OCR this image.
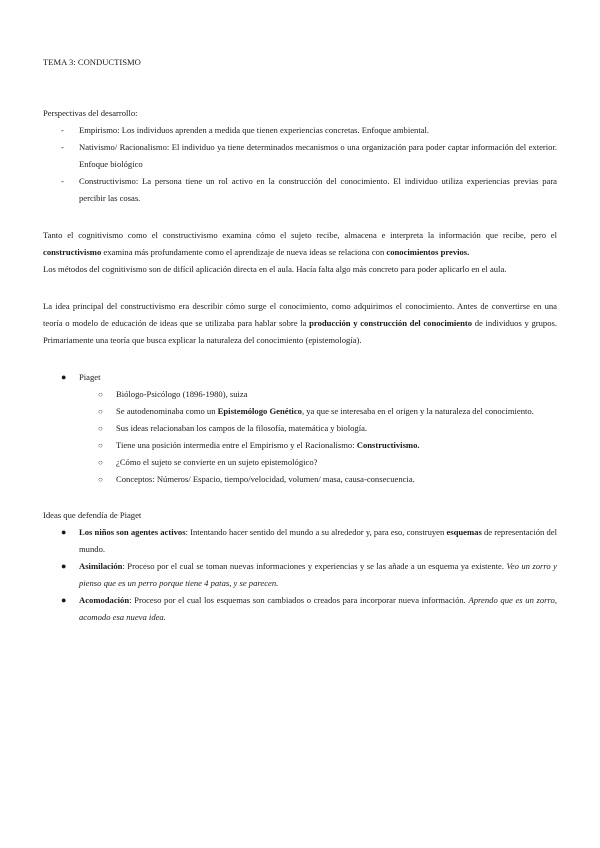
TEMA 3: CONDUCTISMO

Perspectivas del desarrollo:

- Empirismo: Los individuos aprenden a medida que tienen experiencias concretas. Enfoque ambiental.
- Nativismo/ Racionalismo: El individuo ya tiene determinados mecanismos o una organización para poder captar información del exterior. Enfoque biológico
- Constructivismo: La persona tiene un rol activo en la construcción del conocimiento. El individuo utiliza experiencias previas para percibir las cosas.

Tanto el cognitivismo como el constructivismo examina cómo el sujeto recibe, almacena e interpreta la información que recibe, pero el constructivismo examina más profundamente como el aprendizaje de nueva ideas se relaciona con conocimientos previos.

Los métodos del cognitivismo son de difícil aplicación directa en el aula. Hacía falta algo más concreto para poder aplicarlo en el aula.

La idea principal del constructivismo era describir cómo surge el conocimiento, como adquirimos el conocimiento. Antes de convertirse en una teoría o modelo de educación de ideas que se utilizaba para hablar sobre la producción y construcción del conocimiento de individuos y grupos. Primariamente una teoría que busca explicar la naturaleza del conocimiento (epistemología).

● Piaget
○ Biólogo-Psicólogo (1896-1980), suiza
○ Se autodenominaba como un Epistemólogo Genético, ya que se interesaba en el origen y la naturaleza del conocimiento.
○ Sus ideas relacionaban los campos de la filosofía, matemática y biología.
○ Tiene una posición intermedia entre el Empirismo y el Racionalismo: Constructivismo.
○ ¿Cómo el sujeto se convierte en un sujeto epistemológico?
○ Conceptos: Números/ Espacio, tiempo/velocidad, volumen/ masa, causa-consecuencia.

Ideas que defendía de Piaget

● Los niños son agentes activos: Intentando hacer sentido del mundo a su alrededor y, para eso, construyen esquemas de representación del mundo.
● Asimilación: Proceso por el cual se toman nuevas informaciones y experiencias y se las añade a un esquema ya existente. Veo un zorro y pienso que es un perro porque tiene 4 patas, y se parecen.
● Acomodación: Proceso por el cual los esquemas son cambiados o creados para incorporar nueva información. Aprendo que es un zorro, acomodo esa nueva idea.
